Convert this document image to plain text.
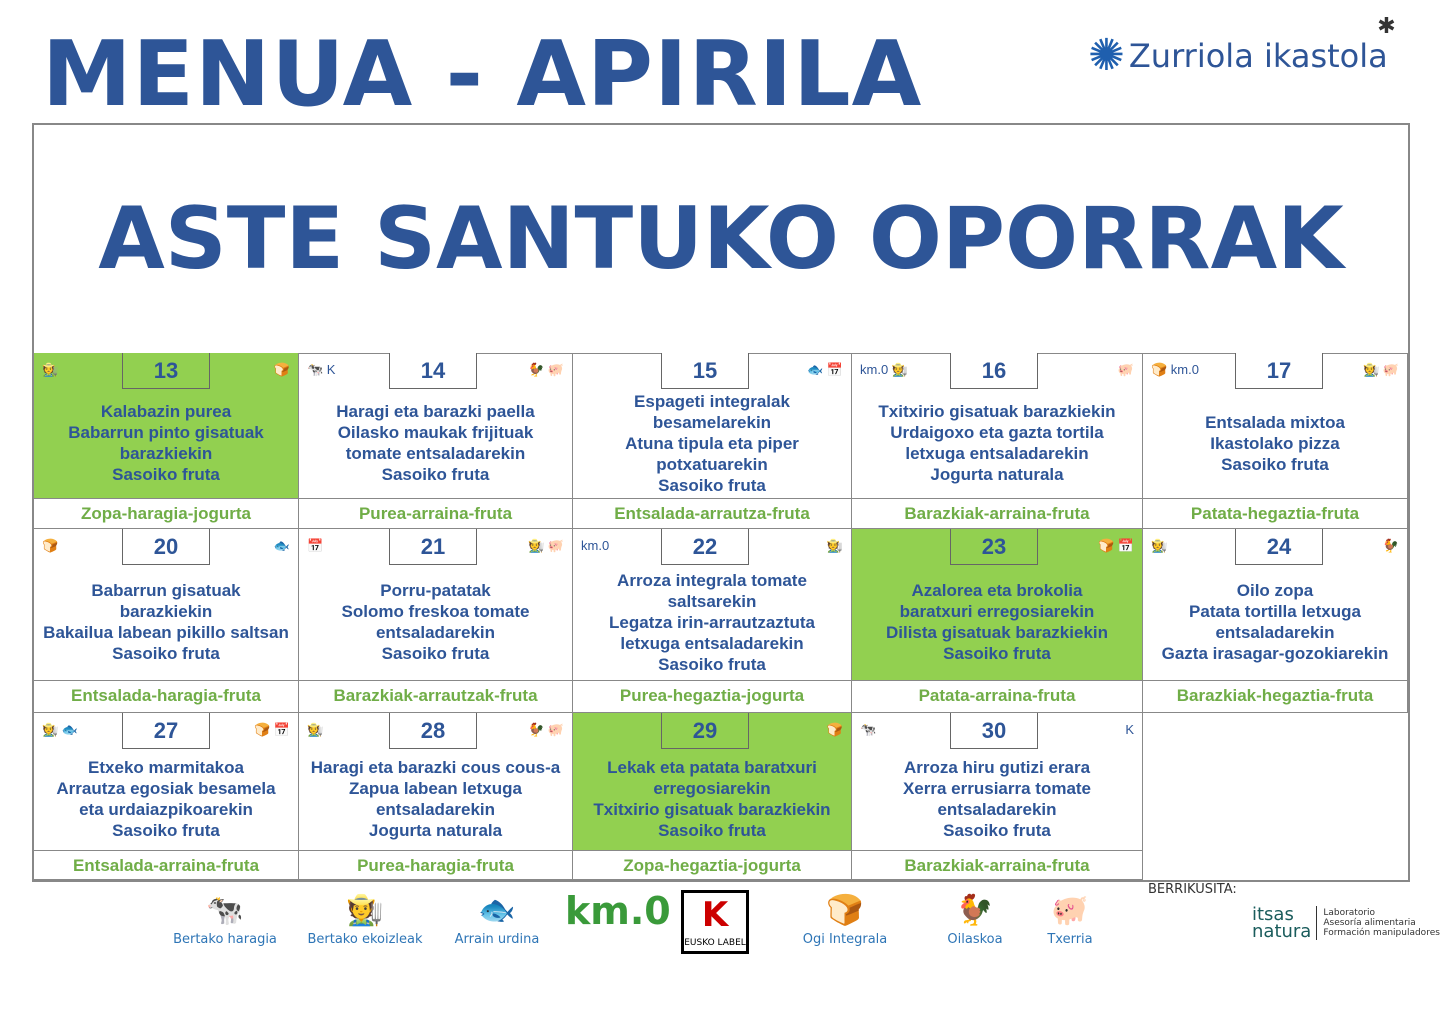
MENUA - APIRILA	✺ Zurriola ikastola
✱
ASTE SANTUKO OPORRAK
13
🧑‍🌾	🍞
Kalabazin purea
Babarrun pinto gisatuak
barazkiekin
Sasoiko fruta
Zopa-haragia-jogurta
14
🐄 K	🐓 🐖
Haragi eta barazki paella
Oilasko maukak frijituak
tomate entsaladarekin
Sasoiko fruta
Purea-arraina-fruta
15	🐟 📅
Espageti integralak
besamelarekin
Atuna tipula eta piper
potxatuarekin
Sasoiko fruta
Entsalada-arrautza-fruta
16
km.0 🧑‍🌾	🐖
Txitxirio gisatuak barazkiekin
Urdaigoxo eta gazta tortila
letxuga entsaladarekin
Jogurta naturala
Barazkiak-arraina-fruta
17
🍞 km.0	🧑‍🌾 🐖
Entsalada mixtoa
Ikastolako pizza
Sasoiko fruta
Patata-hegaztia-fruta
20
🍞	🐟
Babarrun gisatuak
barazkiekin
Bakailua labean pikillo saltsan
Sasoiko fruta
Entsalada-haragia-fruta
21
📅	🧑‍🌾 🐖
Porru-patatak
Solomo freskoa tomate
entsaladarekin
Sasoiko fruta
Barazkiak-arrautzak-fruta
22
km.0	🧑‍🌾
Arroza integrala tomate
saltsarekin
Legatza irin-arrautzaztuta
letxuga entsaladarekin
Sasoiko fruta
Purea-hegaztia-jogurta
23	🍞 📅
Azalorea eta brokolia
baratxuri erregosiarekin
Dilista gisatuak barazkiekin
Sasoiko fruta
Patata-arraina-fruta
24
🧑‍🌾	🐓
Oilo zopa
Patata tortilla letxuga
entsaladarekin
Gazta irasagar-gozokiarekin
Barazkiak-hegaztia-fruta
27
🧑‍🌾 🐟	🍞 📅
Etxeko marmitakoa
Arrautza egosiak besamela
eta urdaiazpikoarekin
Sasoiko fruta
Entsalada-arraina-fruta
28
🧑‍🌾	🐓 🐖
Haragi eta barazki cous cous-a
Zapua labean letxuga
entsaladarekin
Jogurta naturala
Purea-haragia-fruta
29	🍞
Lekak eta patata baratxuri
erregosiarekin
Txitxirio gisatuak barazkiekin
Sasoiko fruta
Zopa-hegaztia-jogurta
30
🐄	K
Arroza hiru gutizi erara
Xerra errusiarra tomate
entsaladarekin
Sasoiko fruta
Barazkiak-arraina-fruta
🐄
Bertako haragia
🧑‍🌾
Bertako ekoizleak
🐟
Arrain urdina
km.0 K
EUSKO LABEL
🍞
Ogi Integrala
🐓
Oilaskoa
🐖
Txerria
BERRIKUSITA:
itsas
natura
Laboratorio
Asesoría alimentaria
Formación manipuladores
